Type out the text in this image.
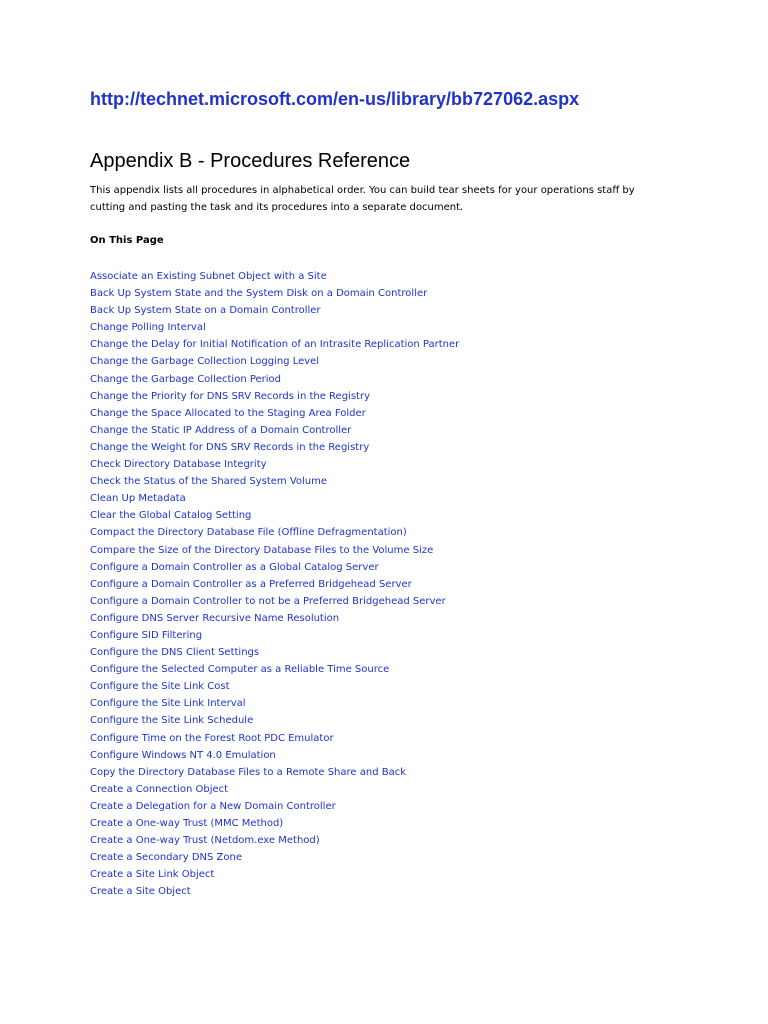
http://technet.microsoft.com/en-us/library/bb727062.aspx
Appendix B - Procedures Reference

This appendix lists all procedures in alphabetical order. You can build tear sheets for your operations staff by
cutting and pasting the task and its procedures into a separate document.

On This Page
Associate an Existing Subnet Object with a Site
Back Up System State and the System Disk on a Domain Controller
Back Up System State on a Domain Controller
Change Polling Interval
Change the Delay for Initial Notification of an Intrasite Replication Partner
Change the Garbage Collection Logging Level
Change the Garbage Collection Period
Change the Priority for DNS SRV Records in the Registry
Change the Space Allocated to the Staging Area Folder
Change the Static IP Address of a Domain Controller
Change the Weight for DNS SRV Records in the Registry
Check Directory Database Integrity
Check the Status of the Shared System Volume
Clean Up Metadata
Clear the Global Catalog Setting
Compact the Directory Database File (Offline Defragmentation)
Compare the Size of the Directory Database Files to the Volume Size
Configure a Domain Controller as a Global Catalog Server
Configure a Domain Controller as a Preferred Bridgehead Server
Configure a Domain Controller to not be a Preferred Bridgehead Server
Configure DNS Server Recursive Name Resolution
Configure SID Filtering
Configure the DNS Client Settings
Configure the Selected Computer as a Reliable Time Source
Configure the Site Link Cost
Configure the Site Link Interval
Configure the Site Link Schedule
Configure Time on the Forest Root PDC Emulator
Configure Windows NT 4.0 Emulation
Copy the Directory Database Files to a Remote Share and Back
Create a Connection Object
Create a Delegation for a New Domain Controller
Create a One-way Trust (MMC Method)
Create a One-way Trust (Netdom.exe Method)
Create a Secondary DNS Zone
Create a Site Link Object
Create a Site Object
